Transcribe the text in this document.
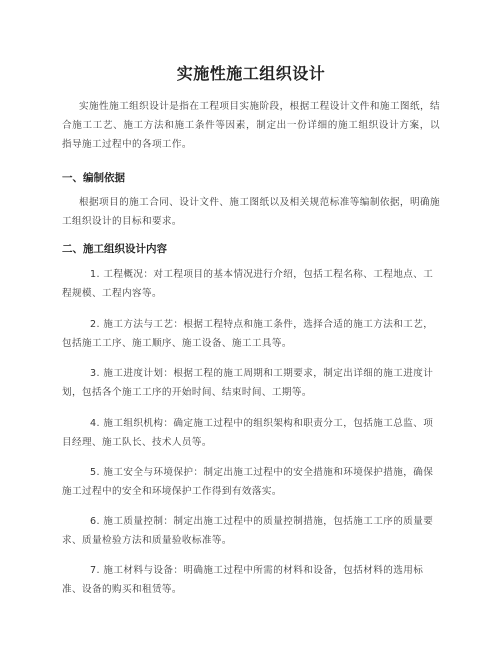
实施性施工组织设计
实施性施工组织设计是指在工程项目实施阶段，根据工程设计文件和施工图纸，结合施工工艺、施工方法和施工条件等因素，制定出一份详细的施工组织设计方案，以指导施工过程中的各项工作。
一、编制依据
根据项目的施工合同、设计文件、施工图纸以及相关规范标准等编制依据，明确施工组织设计的目标和要求。
二、施工组织设计内容
1. 工程概况：对工程项目的基本情况进行介绍，包括工程名称、工程地点、工程规模、工程内容等。
2. 施工方法与工艺：根据工程特点和施工条件，选择合适的施工方法和工艺，包括施工工序、施工顺序、施工设备、施工工具等。
3. 施工进度计划：根据工程的施工周期和工期要求，制定出详细的施工进度计划，包括各个施工工序的开始时间、结束时间、工期等。
4. 施工组织机构：确定施工过程中的组织架构和职责分工，包括施工总监、项目经理、施工队长、技术人员等。
5. 施工安全与环境保护：制定出施工过程中的安全措施和环境保护措施，确保施工过程中的安全和环境保护工作得到有效落实。
6. 施工质量控制：制定出施工过程中的质量控制措施，包括施工工序的质量要求、质量检验方法和质量验收标准等。
7. 施工材料与设备：明确施工过程中所需的材料和设备，包括材料的选用标准、设备的购买和租赁等。
